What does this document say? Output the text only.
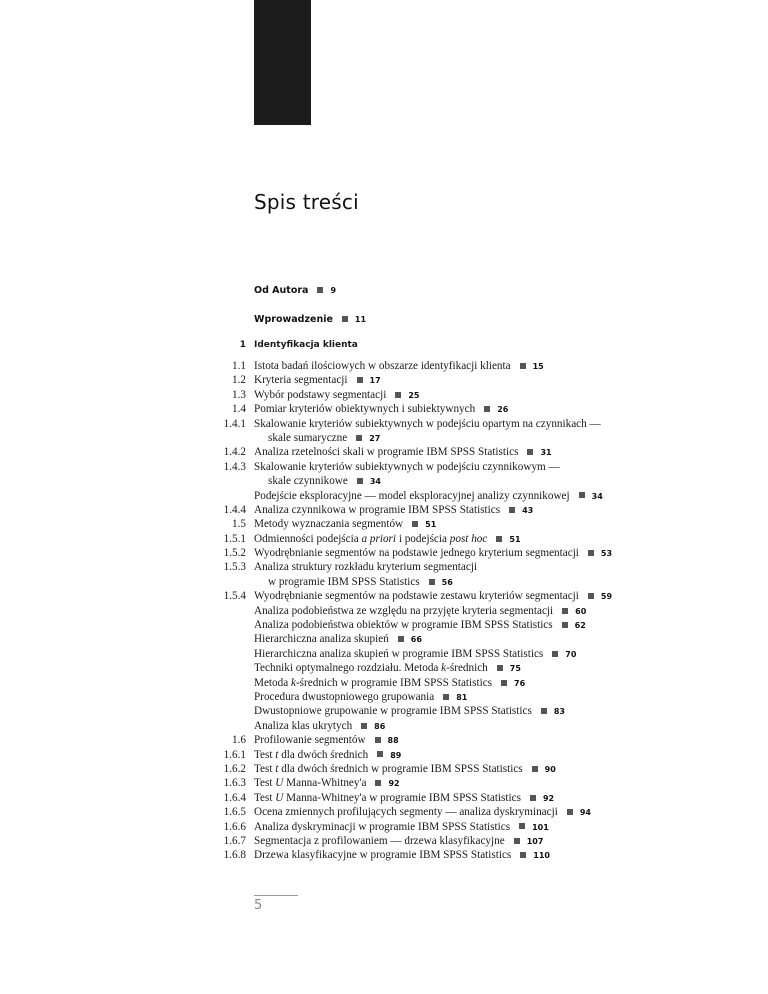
Spis treści
Od Autora	9
Wprowadzenie	11
1 Identyfikacja klienta
1.1 Istota badań ilościowych w obszarze identyfikacji klienta	15
1.2 Kryteria segmentacji	17
1.3 Wybór podstawy segmentacji	25
1.4 Pomiar kryteriów obiektywnych i subiektywnych	26
1.4.1 Skalowanie kryteriów subiektywnych w podejściu opartym na czynnikach —
skale sumaryczne	27
1.4.2 Analiza rzetelności skali w programie IBM SPSS Statistics	31
1.4.3 Skalowanie kryteriów subiektywnych w podejściu czynnikowym —
skale czynnikowe	34
Podejście eksploracyjne — model eksploracyjnej analizy czynnikowej	34
1.4.4 Analiza czynnikowa w programie IBM SPSS Statistics	43
1.5 Metody wyznaczania segmentów	51
1.5.1 Odmienności podejścia a priori i podejścia post hoc	51
1.5.2 Wyodrębnianie segmentów na podstawie jednego kryterium segmentacji	53
1.5.3 Analiza struktury rozkładu kryterium segmentacji
w programie IBM SPSS Statistics	56
1.5.4 Wyodrębnianie segmentów na podstawie zestawu kryteriów segmentacji	59
Analiza podobieństwa ze względu na przyjęte kryteria segmentacji	60
Analiza podobieństwa obiektów w programie IBM SPSS Statistics	62
Hierarchiczna analiza skupień	66
Hierarchiczna analiza skupień w programie IBM SPSS Statistics	70
Techniki optymalnego rozdziału. Metoda k-średnich	75
Metoda k-średnich w programie IBM SPSS Statistics	76
Procedura dwustopniowego grupowania	81
Dwustopniowe grupowanie w programie IBM SPSS Statistics	83
Analiza klas ukrytych	86
1.6 Profilowanie segmentów	88
1.6.1 Test t dla dwóch średnich	89
1.6.2 Test t dla dwóch średnich w programie IBM SPSS Statistics	90
1.6.3 Test U Manna-Whitney'a	92
1.6.4 Test U Manna-Whitney'a w programie IBM SPSS Statistics	92
1.6.5 Ocena zmiennych profilujących segmenty — analiza dyskryminacji	94
1.6.6 Analiza dyskryminacji w programie IBM SPSS Statistics	101
1.6.7 Segmentacja z profilowaniem — drzewa klasyfikacyjne	107
1.6.8 Drzewa klasyfikacyjne w programie IBM SPSS Statistics	110
5
